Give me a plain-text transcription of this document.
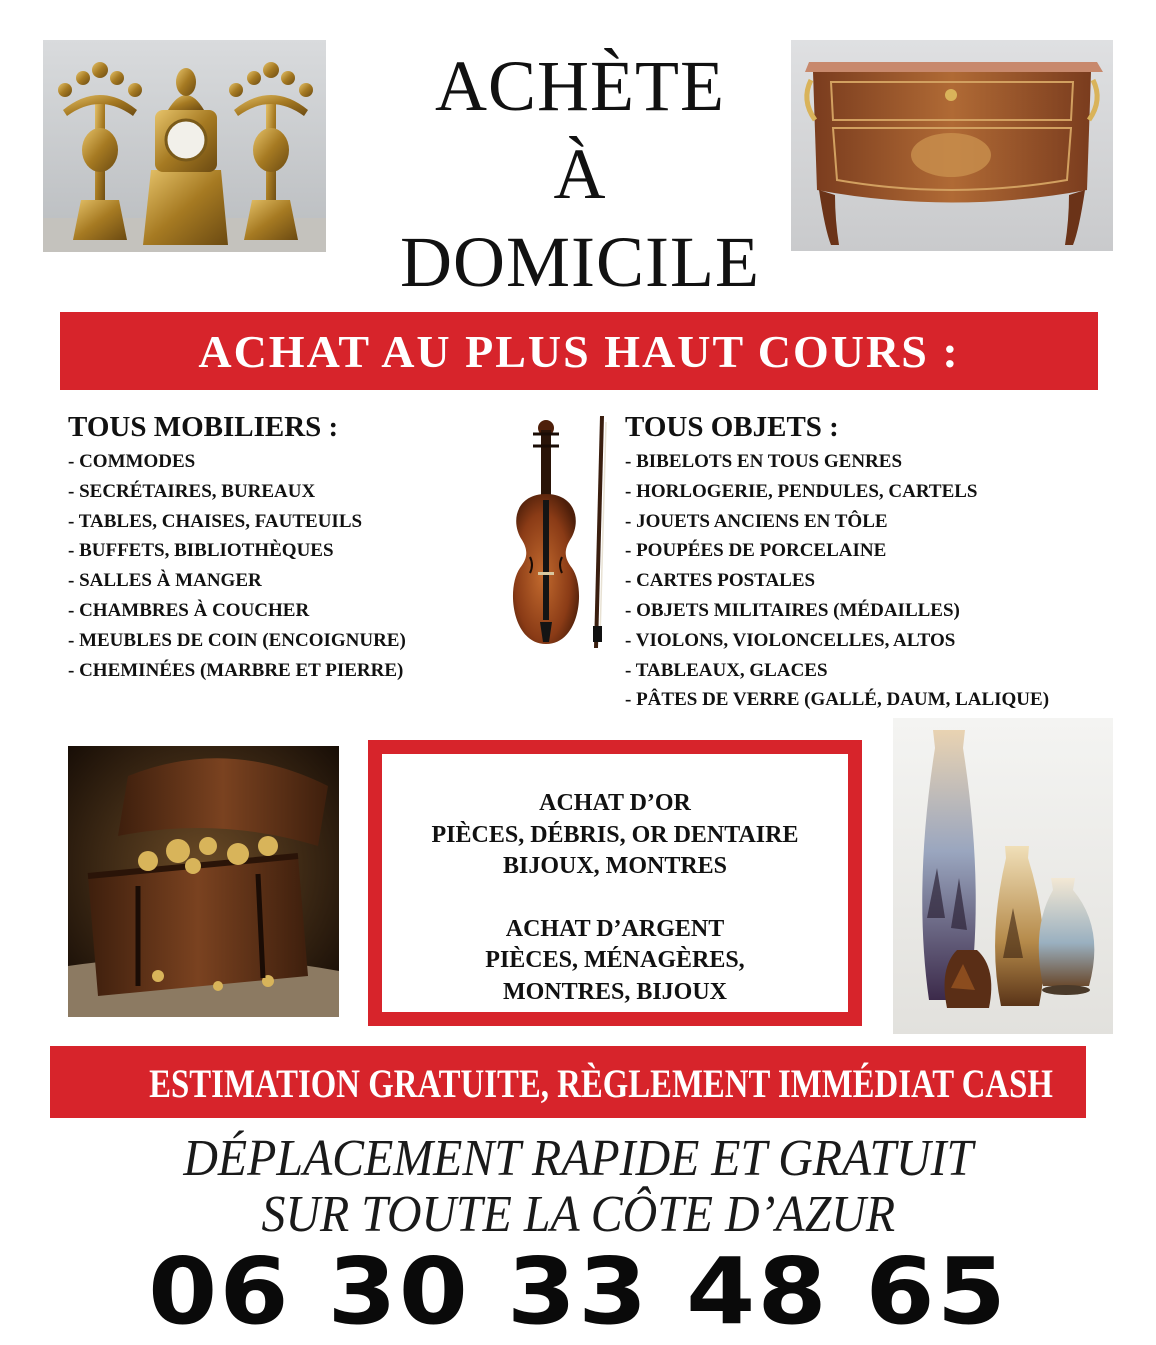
ACHÈTE
À
DOMICILE
ACHAT AU PLUS HAUT COURS :
TOUS MOBILIERS :
- COMMODES
- SECRÉTAIRES, BUREAUX
- TABLES, CHAISES, FAUTEUILS
- BUFFETS, BIBLIOTHÈQUES
- SALLES À MANGER
- CHAMBRES À COUCHER
- MEUBLES DE COIN (ENCOIGNURE)
- CHEMINÉES (MARBRE ET PIERRE)
TOUS OBJETS :
- BIBELOTS EN TOUS GENRES
- HORLOGERIE, PENDULES, CARTELS
- JOUETS ANCIENS EN TÔLE
- POUPÉES DE PORCELAINE
- CARTES POSTALES
- OBJETS MILITAIRES (MÉDAILLES)
- VIOLONS, VIOLONCELLES, ALTOS
- TABLEAUX, GLACES
- PÂTES DE VERRE (GALLÉ, DAUM, LALIQUE)
ACHAT D’OR
PIÈCES, DÉBRIS, OR DENTAIRE
BIJOUX, MONTRES
ACHAT D’ARGENT
PIÈCES, MÉNAGÈRES,
MONTRES, BIJOUX
ESTIMATION GRATUITE, RÈGLEMENT IMMÉDIAT CASH
DÉPLACEMENT RAPIDE ET GRATUIT
SUR TOUTE LA CÔTE D’AZUR
06 30 33 48 65
